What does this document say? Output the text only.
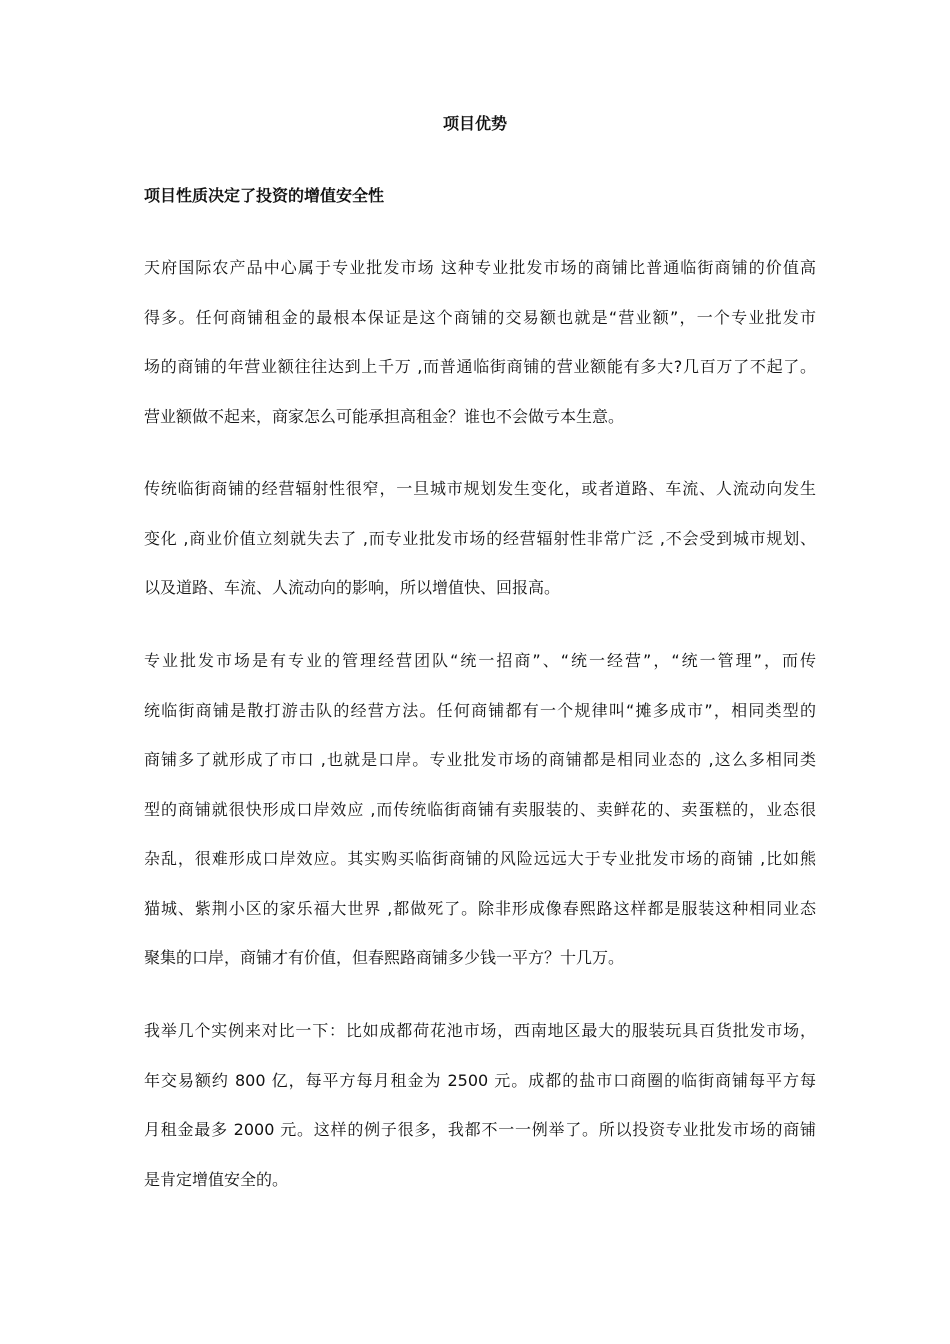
项目优势
项目性质决定了投资的增值安全性
天府国际农产品中心属于专业批发市场 这种专业批发市场的商铺比普通临街商铺的价值高
得多。任何商铺租金的最根本保证是这个商铺的交易额也就是“营业额”，一个专业批发市
场的商铺的年营业额往往达到上千万 ,而普通临街商铺的营业额能有多大?几百万了不起了。
营业额做不起来，商家怎么可能承担高租金？谁也不会做亏本生意。
传统临街商铺的经营辐射性很窄，一旦城市规划发生变化，或者道路、车流、人流动向发生
变化 ,商业价值立刻就失去了 ,而专业批发市场的经营辐射性非常广泛 ,不会受到城市规划、
以及道路、车流、人流动向的影响，所以增值快、回报高。
专业批发市场是有专业的管理经营团队“统一招商”、“统一经营”，“统一管理”，而传
统临街商铺是散打游击队的经营方法。任何商铺都有一个规律叫“摊多成市”，相同类型的
商铺多了就形成了市口 ,也就是口岸。专业批发市场的商铺都是相同业态的 ,这么多相同类
型的商铺就很快形成口岸效应 ,而传统临街商铺有卖服装的、卖鲜花的、卖蛋糕的，业态很
杂乱，很难形成口岸效应。其实购买临街商铺的风险远远大于专业批发市场的商铺 ,比如熊
猫城、紫荆小区的家乐福大世界 ,都做死了。除非形成像春熙路这样都是服装这种相同业态
聚集的口岸，商铺才有价值，但春熙路商铺多少钱一平方？十几万。
我举几个实例来对比一下：比如成都荷花池市场，西南地区最大的服装玩具百货批发市场，
年交易额约 800 亿，每平方每月租金为 2500 元。成都的盐市口商圈的临街商铺每平方每
月租金最多 2000 元。这样的例子很多，我都不一一例举了。所以投资专业批发市场的商铺
是肯定增值安全的。
